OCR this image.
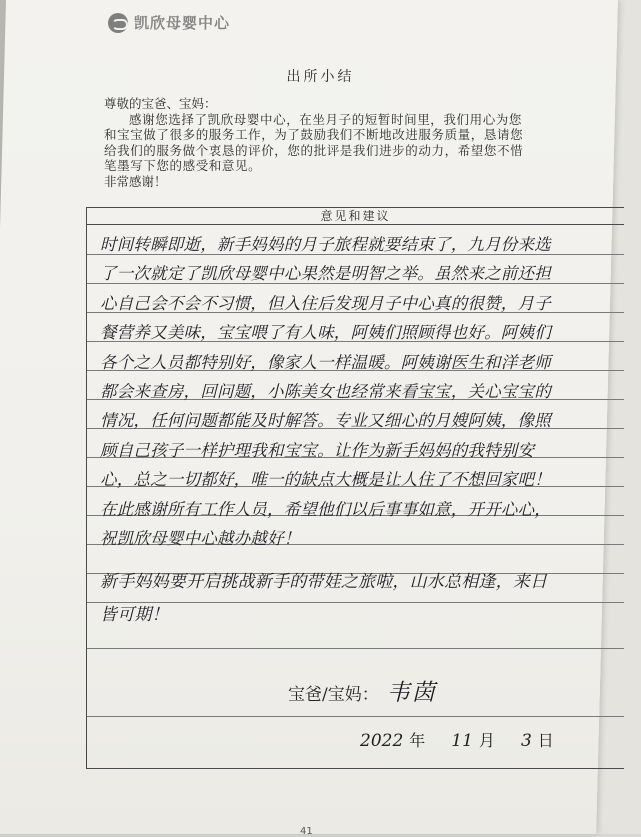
凯欣母婴中心
出所小结
尊敬的宝爸、宝妈：
感谢您选择了凯欣母婴中心，在坐月子的短暂时间里，我们用心为您和宝宝做了很多的服务工作，为了鼓励我们不断地改进服务质量，恳请您给我们的服务做个衷恳的评价，您的批评是我们进步的动力，希望您不惜笔墨写下您的感受和意见。
非常感谢！
意见和建议
时间转瞬即逝，新手妈妈的月子旅程就要结束了，九月份来选了一次就定了凯欣母婴中心果然是明智之举。虽然来之前还担心自己会不会不习惯，但入住后发现月子中心真的很赞，月子餐营养又美味，宝宝喂了有人味，阿姨们照顾得也好。阿姨们各个之人员都特别好，像家人一样温暖。阿姨谢医生和洋老师都会来查房，回问题，小陈美女也经常来看宝宝，关心宝宝的情况，任何问题都能及时解答。专业又细心的月嫂阿姨，像照顾自己孩子一样护理我和宝宝。让作为新手妈妈的我特别安心，总之一切都好，唯一的缺点大概是让人住了不想回家吧！在此感谢所有工作人员，希望他们以后事事如意，开开心心，祝凯欣母婴中心越办越好！
新手妈妈要开启挑战新手的带娃之旅啦，山水总相逢，来日皆可期！
宝爸/宝妈： 韦茵
2022 年 11 月 3 日
41
